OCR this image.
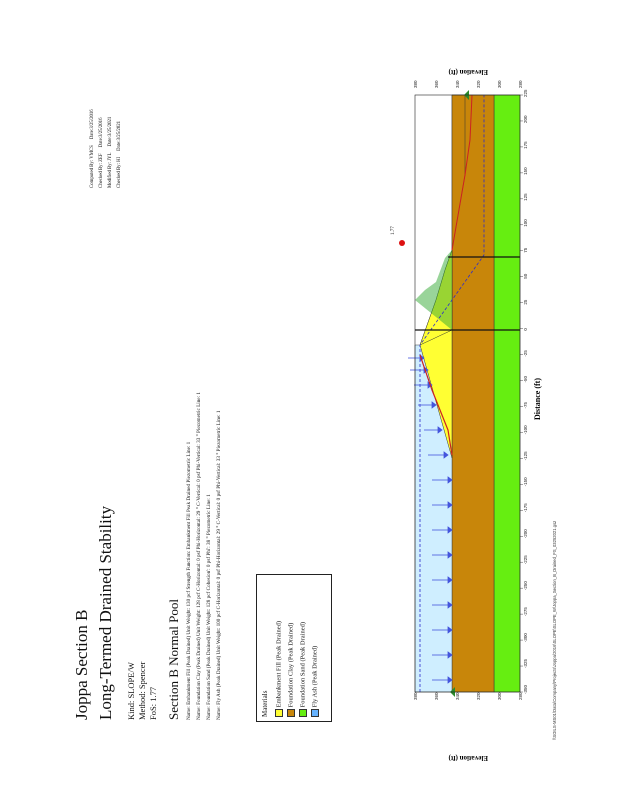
Joppa Section B Long-Termed Drained Stability Kind: SLOPE/W Method: Spencer FoS: 1.77 Section B Normal Pool Name: Embankment Fill (Peak Drained) Unit Weight: 130 pcf Strength Function: Embankment Fill Peak Drained Piezometric Line: 1 Name: Foundation Clay (Peak Drained) Unit Weight: 128 pcf C-Horizontal: 0 psf Phi-Horizontal: 29 ° C-Vertical: 0 psf Phi-Vertical: 33 ° Piezometric Line: 1 Name: Foundation Sand (Peak Drained) Unit Weight: 128 pcf Cohesion': 0 psf Phi': 38 ° Piezometric Line: 1 Name: Fly Ash (Peak Drained) Unit Weight: 100 pcf C-Horizontal: 0 psf Phi-Horizontal: 29 ° C-Vertical: 0 psf Phi-Vertical: 33 ° Piezometric Line: 1
Computed By: VMCS     Date:3/25/2016
Checked By: ZEF     Date:3/25/2016
Modified By: JYL     Date:3/25/2021
Checked By: HI     Date:3/25/2021
Materials Embankment Fill (Peak Drained) Foundation Clay (Peak Drained) Foundation Sand (Peak Drained) Fly Ash (Peak Drained)
1.77
-350
-325
-300
-275
-250
-225
-200
-175
-150
-125
-100
-75
-50
-25
0
25
50
75
100
125
150
175
200
225
280
300
320
340
360
380
280
300
320
340
360
380
Distance (ft)
Elevation (ft)
Elevation (ft)
\\SOILS-MS01\Data\Company\Projects\Joppa\2016\SLOPE\SLOPE_W\Joppa_Section_B_Drained_FS_03252021.gsz
